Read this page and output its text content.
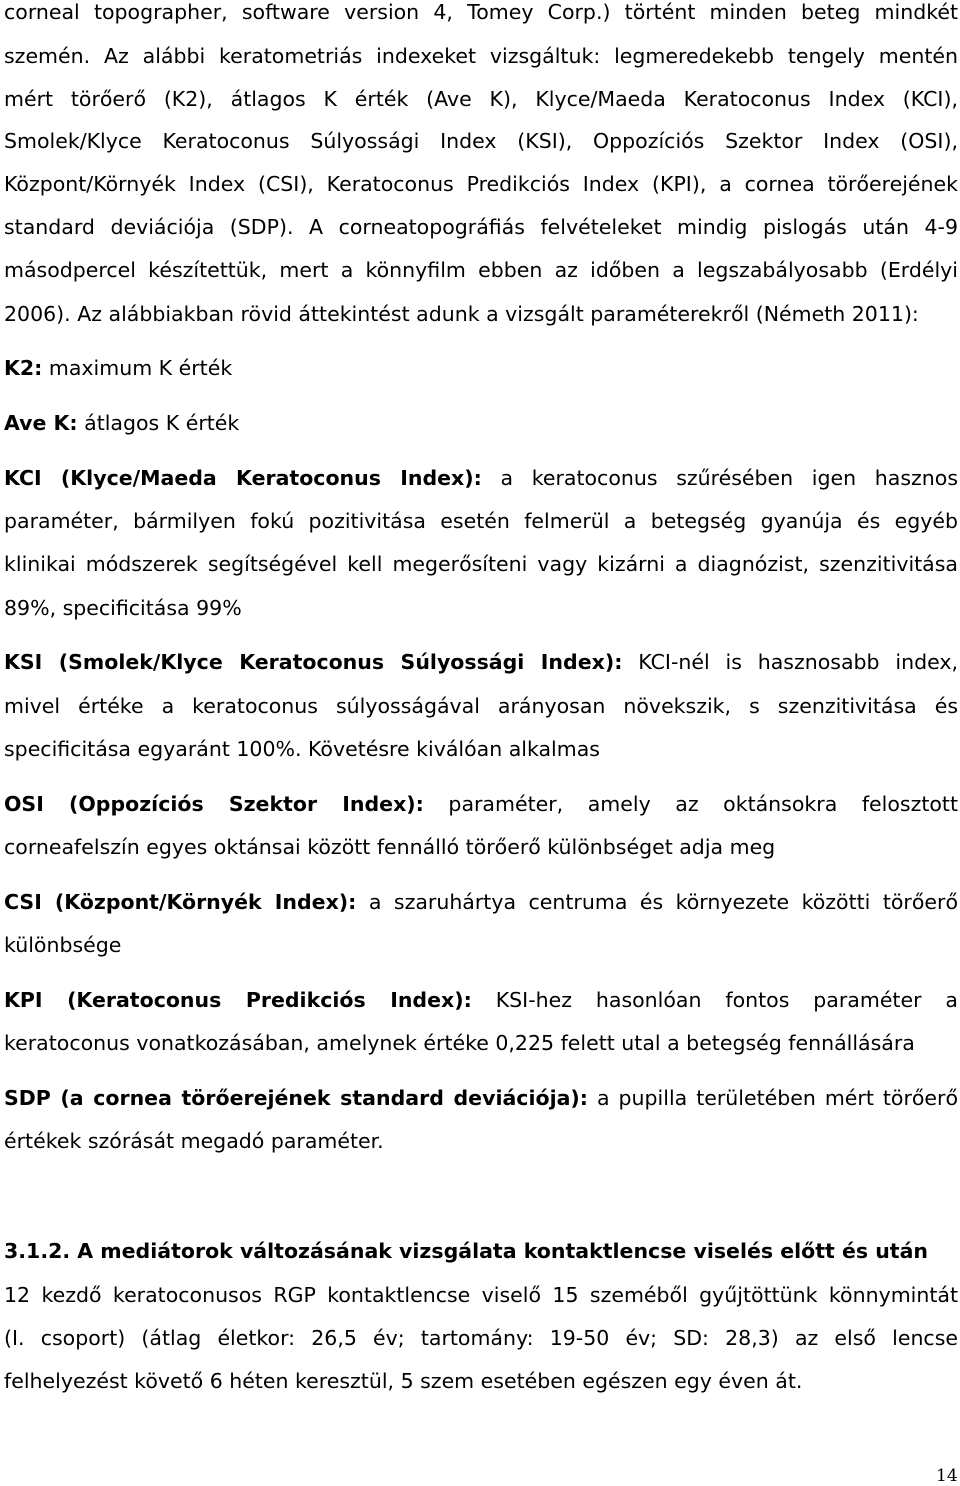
corneal topographer, software version 4, Tomey Corp.) történt minden beteg mindkét
szemén. Az alábbi keratometriás indexeket vizsgáltuk: legmeredekebb tengely mentén
mért törőerő (K2), átlagos K érték (Ave K), Klyce/Maeda Keratoconus Index (KCI),
Smolek/Klyce Keratoconus Súlyossági Index (KSI), Oppozíciós Szektor Index (OSI),
Központ/Környék Index (CSI), Keratoconus Predikciós Index (KPI), a cornea törőerejének
standard deviációja (SDP). A corneatopográfiás felvételeket mindig pislogás után 4-9
másodpercel készítettük, mert a könnyfilm ebben az időben a legszabályosabb (Erdélyi
2006). Az alábbiakban rövid áttekintést adunk a vizsgált paraméterekről (Németh 2011):
K2: maximum K érték
Ave K: átlagos K érték
KCI (Klyce/Maeda Keratoconus Index): a keratoconus szűrésében igen hasznos
paraméter, bármilyen fokú pozitivitása esetén felmerül a betegség gyanúja és egyéb
klinikai módszerek segítségével kell megerősíteni vagy kizárni a diagnózist, szenzitivitása
89%, specificitása 99%
KSI (Smolek/Klyce Keratoconus Súlyossági Index): KCI-nél is hasznosabb index,
mivel értéke a keratoconus súlyosságával arányosan növekszik, s szenzitivitása és
specificitása egyaránt 100%. Követésre kiválóan alkalmas
OSI (Oppozíciós Szektor Index): paraméter, amely az oktánsokra felosztott
corneafelszín egyes oktánsai között fennálló törőerő különbséget adja meg
CSI (Központ/Környék Index): a szaruhártya centruma és környezete közötti törőerő
különbsége
KPI (Keratoconus Predikciós Index): KSI-hez hasonlóan fontos paraméter a
keratoconus vonatkozásában, amelynek értéke 0,225 felett utal a betegség fennállására
SDP (a cornea törőerejének standard deviációja): a pupilla területében mért törőerő
értékek szórását megadó paraméter.
3.1.2. A mediátorok változásának vizsgálata kontaktlencse viselés előtt és után
12 kezdő keratoconusos RGP kontaktlencse viselő 15 szeméből gyűjtöttünk könnymintát
(I. csoport) (átlag életkor: 26,5 év; tartomány: 19-50 év; SD: 28,3) az első lencse
felhelyezést követő 6 héten keresztül, 5 szem esetében egészen egy éven át.
14
